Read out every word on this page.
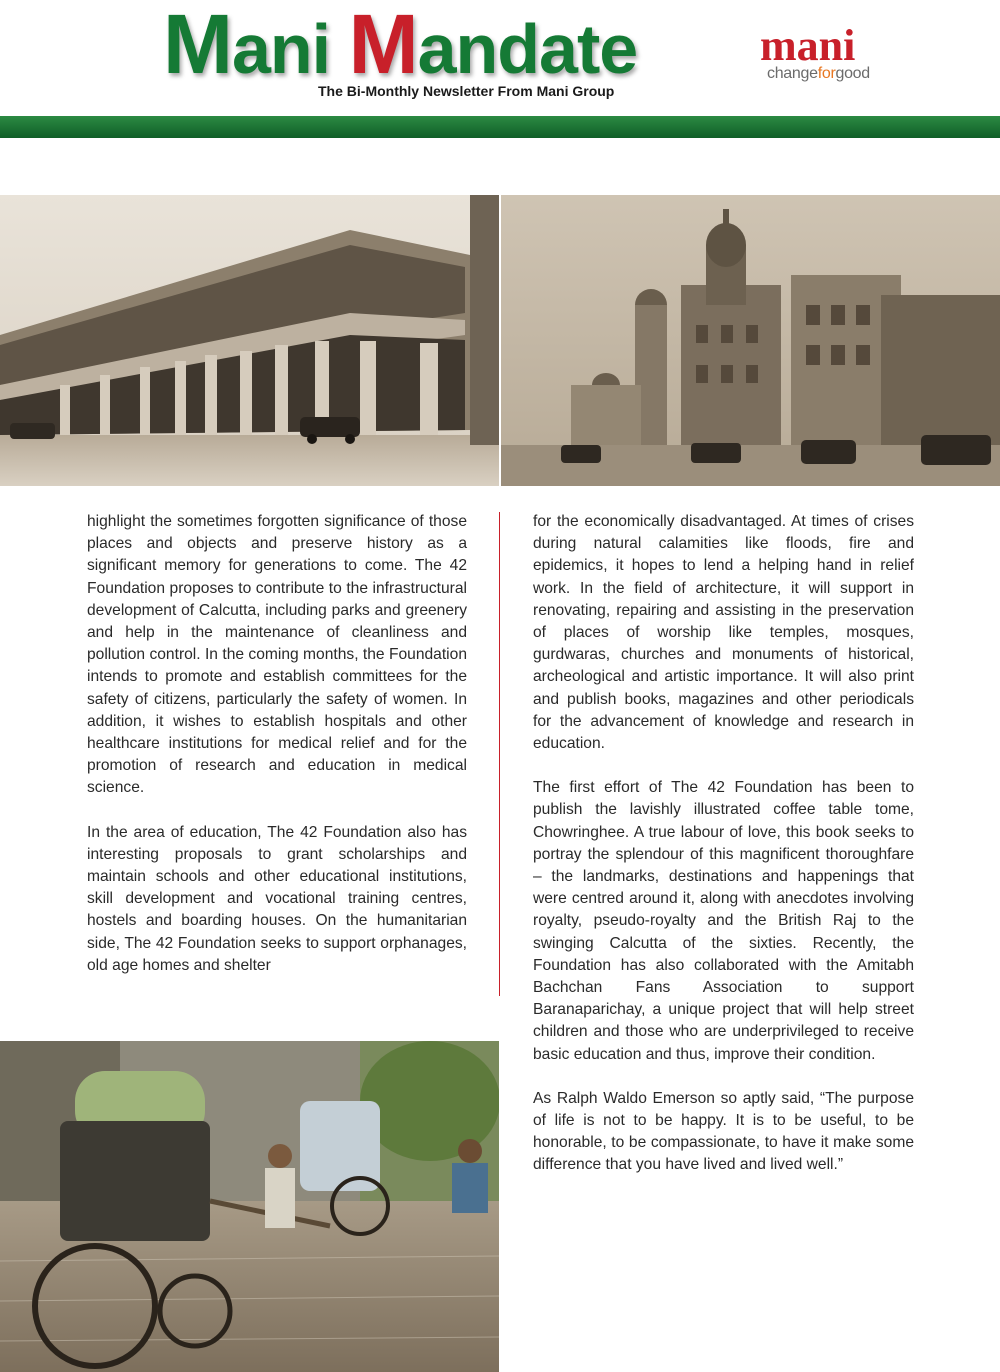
Mani Mandate
The Bi-Monthly Newsletter From Mani Group
mani
changeforgood

highlight the sometimes forgotten significance of those places and objects and preserve history as a significant memory for generations to come. The 42 Foundation proposes to contribute to the infrastructural development of Calcutta, including parks and greenery and help in the maintenance of cleanliness and pollution control. In the coming months, the Foundation intends to promote and establish committees for the safety of citizens, particularly the safety of women. In addition, it wishes to establish hospitals and other healthcare institutions for medical relief and for the promotion of research and education in medical science.

In the area of education, The 42 Foundation also has interesting proposals to grant scholarships and maintain schools and other educational institutions, skill development and vocational training centres, hostels and boarding houses. On the humanitarian side, The 42 Foundation seeks to support orphanages, old age homes and shelter

for the economically disadvantaged. At times of crises during natural calamities like floods, fire and epidemics, it hopes to lend a helping hand in relief work. In the field of architecture, it will support in renovating, repairing and assisting in the preservation of places of worship like temples, mosques, gurdwaras, churches and monuments of historical, archeological and artistic importance. It will also print and publish books, magazines and other periodicals for the advancement of knowledge and research in education.

The first effort of The 42 Foundation has been to publish the lavishly illustrated coffee table tome, Chowringhee. A true labour of love, this book seeks to portray the splendour of this magnificent thoroughfare – the landmarks, destinations and happenings that were centred around it, along with anecdotes involving royalty, pseudo-royalty and the British Raj to the swinging Calcutta of the sixties. Recently, the Foundation has also collaborated with the Amitabh Bachchan Fans Association to support Baranaparichay, a unique project that will help street children and those who are underprivileged to receive basic education and thus, improve their condition.

As Ralph Waldo Emerson so aptly said, “The purpose of life is not to be happy. It is to be useful, to be honorable, to be compassionate, to have it make some difference that you have lived and lived well.”
